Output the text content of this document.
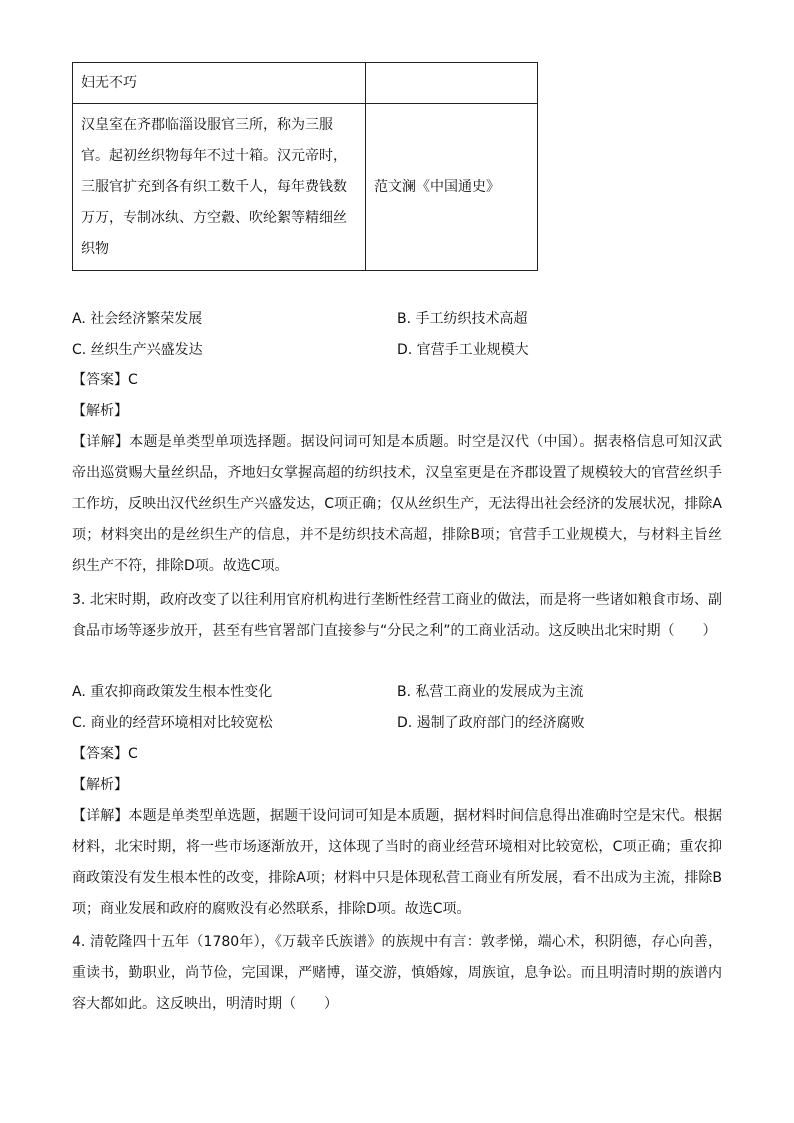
妇无不巧	
汉皇室在齐郡临淄设服官三所，称为三服官。起初丝织物每年不过十箱。汉元帝时，三服官扩充到各有织工数千人，每年费钱数万万，专制冰纨、方空縠、吹纶絮等精细丝织物	范文澜《中国通史》
A. 社会经济繁荣发展	B. 手工纺织技术高超
C. 丝织生产兴盛发达	D. 官营手工业规模大
【答案】C
【解析】
【详解】本题是单类型单项选择题。据设问词可知是本质题。时空是汉代（中国）。据表格信息可知汉武帝出巡赏赐大量丝织品，齐地妇女掌握高超的纺织技术，汉皇室更是在齐郡设置了规模较大的官营丝织手工作坊，反映出汉代丝织生产兴盛发达，C项正确；仅从丝织生产，无法得出社会经济的发展状况，排除A项；材料突出的是丝织生产的信息，并不是纺织技术高超，排除B项；官营手工业规模大，与材料主旨丝织生产不符，排除D项。故选C项。
3. 北宋时期，政府改变了以往利用官府机构进行垄断性经营工商业的做法，而是将一些诸如粮食市场、副食品市场等逐步放开，甚至有些官署部门直接参与“分民之利”的工商业活动。这反映出北宋时期（　　）
A. 重农抑商政策发生根本性变化	B. 私营工商业的发展成为主流
C. 商业的经营环境相对比较宽松	D. 遏制了政府部门的经济腐败
【答案】C
【解析】
【详解】本题是单类型单选题，据题干设问词可知是本质题，据材料时间信息得出准确时空是宋代。根据材料，北宋时期，将一些市场逐渐放开，这体现了当时的商业经营环境相对比较宽松，C项正确；重农抑商政策没有发生根本性的改变，排除A项；材料中只是体现私营工商业有所发展，看不出成为主流，排除B项；商业发展和政府的腐败没有必然联系，排除D项。故选C项。
4. 清乾隆四十五年（1780年），《万载辛氏族谱》的族规中有言：敦孝悌，端心术，积阴德，存心向善，重读书，勤职业，尚节俭，完国课，严赌博，谨交游，慎婚嫁，周族谊，息争讼。而且明清时期的族谱内容大都如此。这反映出，明清时期（　　）
